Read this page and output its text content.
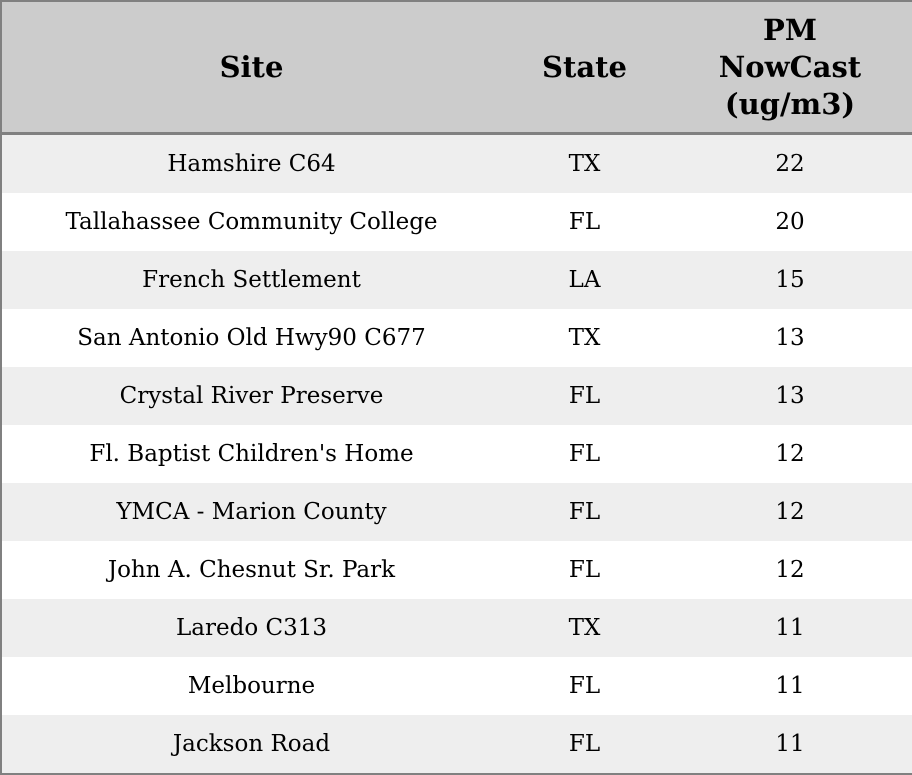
Site	State	PM NowCast (ug/m3)
Hamshire C64	TX	22
Tallahassee Community College	FL	20
French Settlement	LA	15
San Antonio Old Hwy90 C677	TX	13
Crystal River Preserve	FL	13
Fl. Baptist Children's Home	FL	12
YMCA - Marion County	FL	12
John A. Chesnut Sr. Park	FL	12
Laredo C313	TX	11
Melbourne	FL	11
Jackson Road	FL	11
